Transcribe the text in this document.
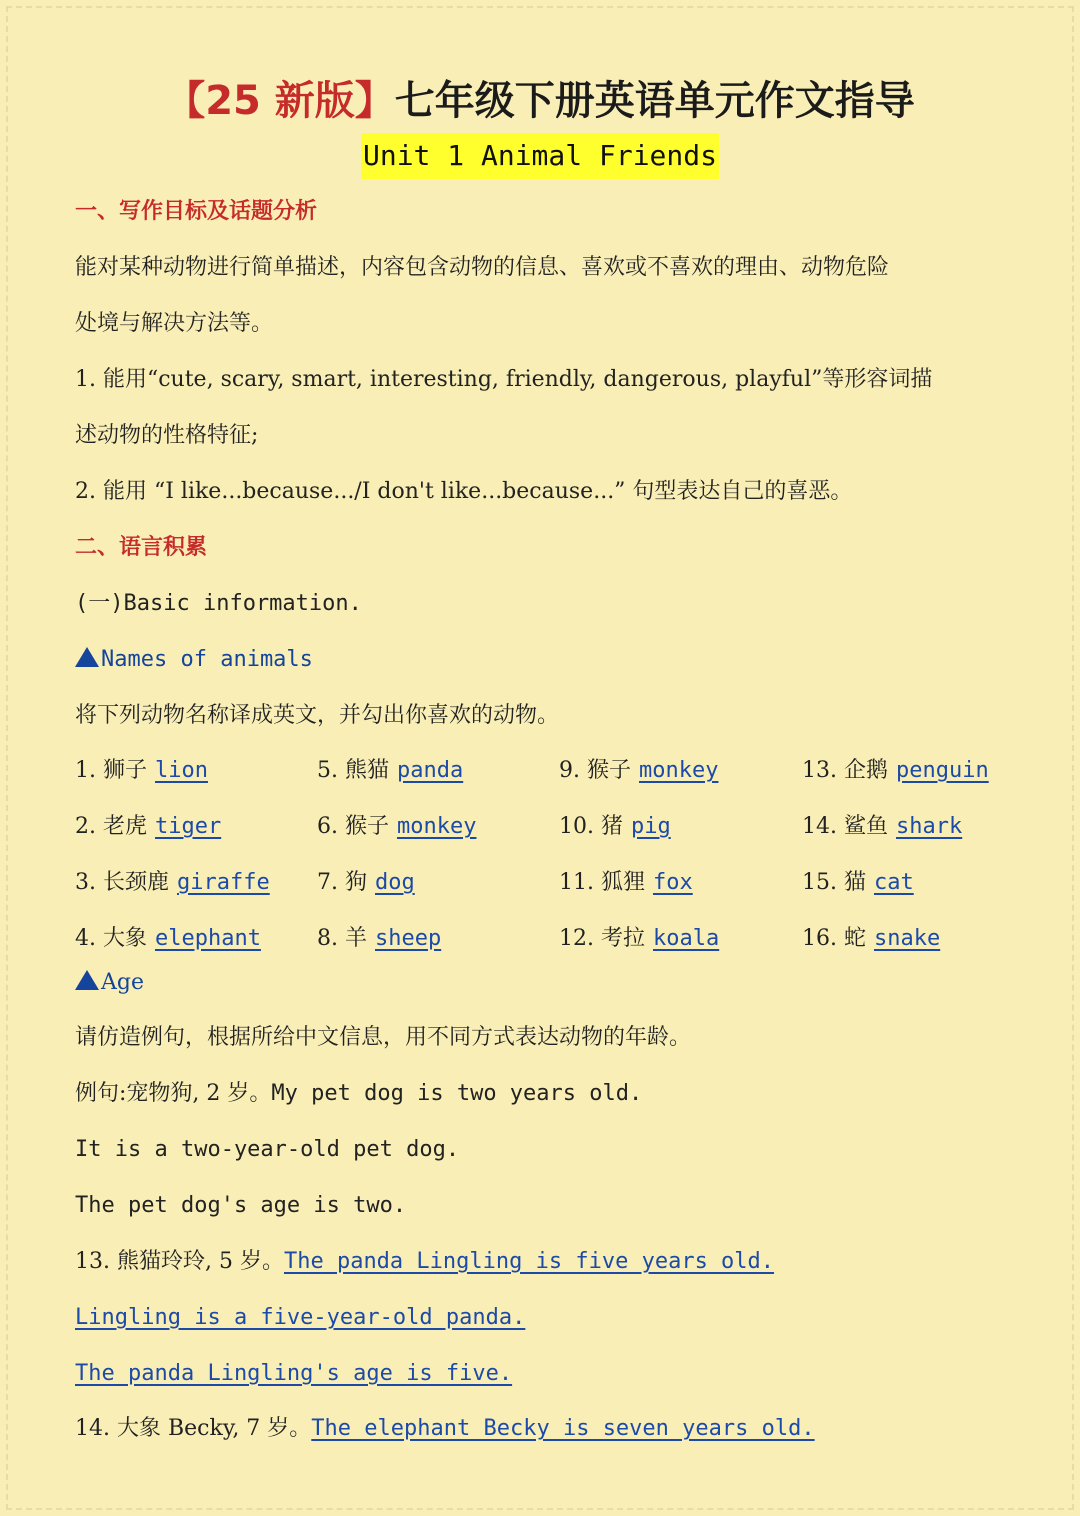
【25 新版】七年级下册英语单元作文指导
Unit 1 Animal Friends
一、写作目标及话题分析
能对某种动物进行简单描述，内容包含动物的信息、喜欢或不喜欢的理由、动物危险
处境与解决方法等。
1. 能用“cute, scary, smart, interesting, friendly, dangerous, playful”等形容词描
述动物的性格特征;
2. 能用 “I like...because.../I don't like...because...” 句型表达自己的喜恶。
二、语言积累
(一)Basic information.
Names of animals
将下列动物名称译成英文，并勾出你喜欢的动物。
1. 狮子 lion
2. 老虎 tiger
3. 长颈鹿 giraffe
4. 大象 elephant
5. 熊猫 panda
6. 猴子 monkey
7. 狗 dog
8. 羊 sheep
9. 猴子 monkey
10. 猪 pig
11. 狐狸 fox
12. 考拉 koala
13. 企鹅 penguin
14. 鲨鱼 shark
15. 猫 cat
16. 蛇 snake
Age
请仿造例句，根据所给中文信息，用不同方式表达动物的年龄。
例句:宠物狗, 2 岁。My pet dog is two years old.
It is a two-year-old pet dog.
The pet dog's age is two.
13. 熊猫玲玲, 5 岁。The panda Lingling is five years old.
Lingling is a five-year-old panda.
The panda Lingling's age is five.
14. 大象 Becky, 7 岁。The elephant Becky is seven years old.
